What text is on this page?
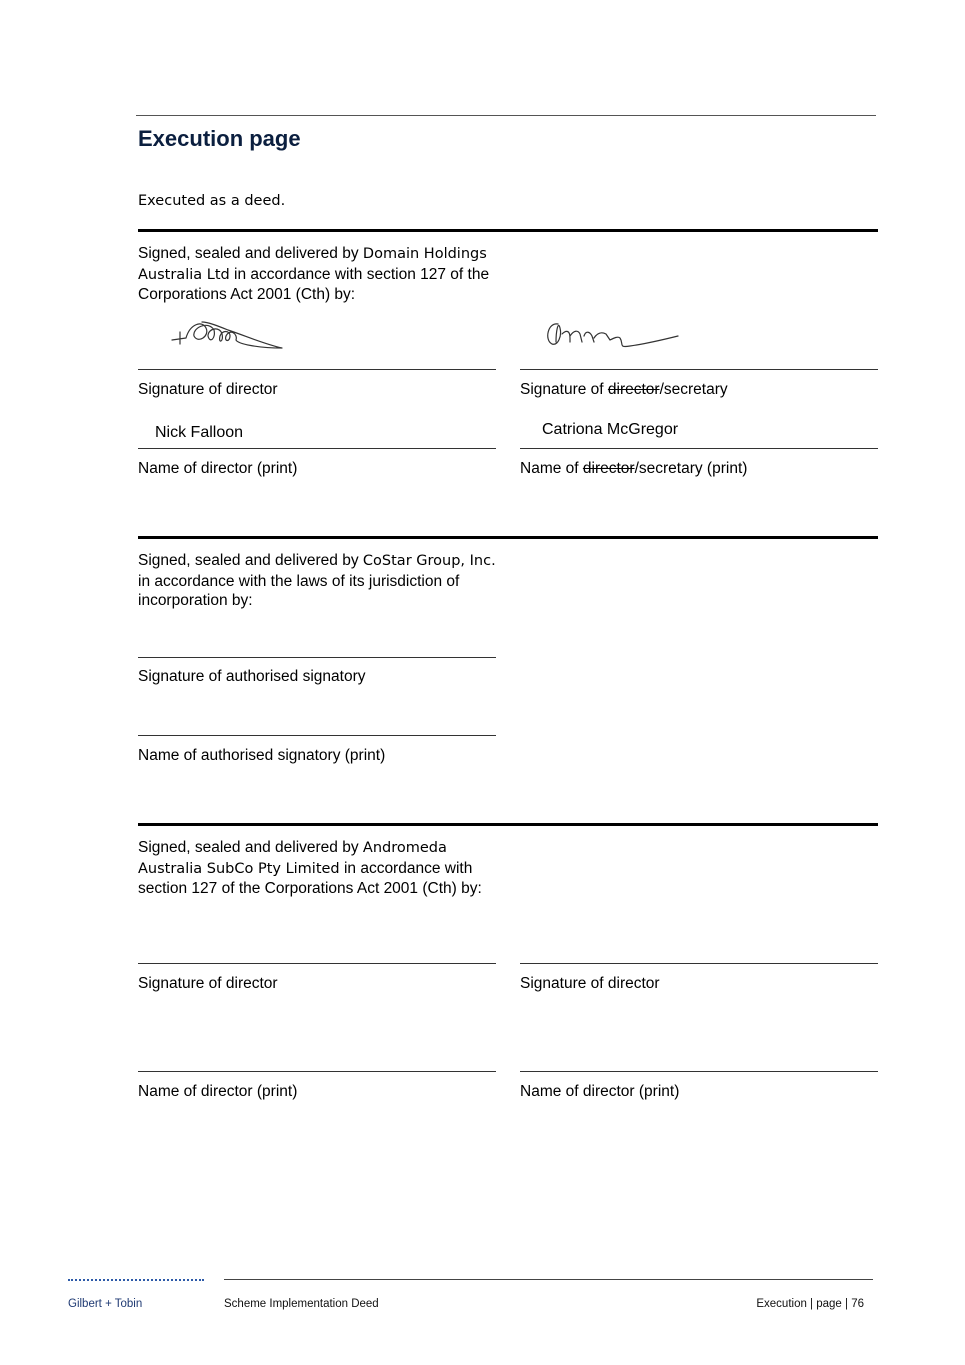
Execution page
Executed as a deed.
Signed, sealed and delivered by Domain Holdings Australia Ltd in accordance with section 127 of the Corporations Act 2001 (Cth) by:
Signature of director	Signature of director/secretary
Nick Falloon	Catriona McGregor
Name of director (print)	Name of director/secretary (print)
Signed, sealed and delivered by CoStar Group, Inc. in accordance with the laws of its jurisdiction of incorporation by:
Signature of authorised signatory
Name of authorised signatory (print)
Signed, sealed and delivered by Andromeda Australia SubCo Pty Limited in accordance with section 127 of the Corporations Act 2001 (Cth) by:
Signature of director	Signature of director
Name of director (print)	Name of director (print)
Gilbert + Tobin	Scheme Implementation Deed	Execution | page | 76
